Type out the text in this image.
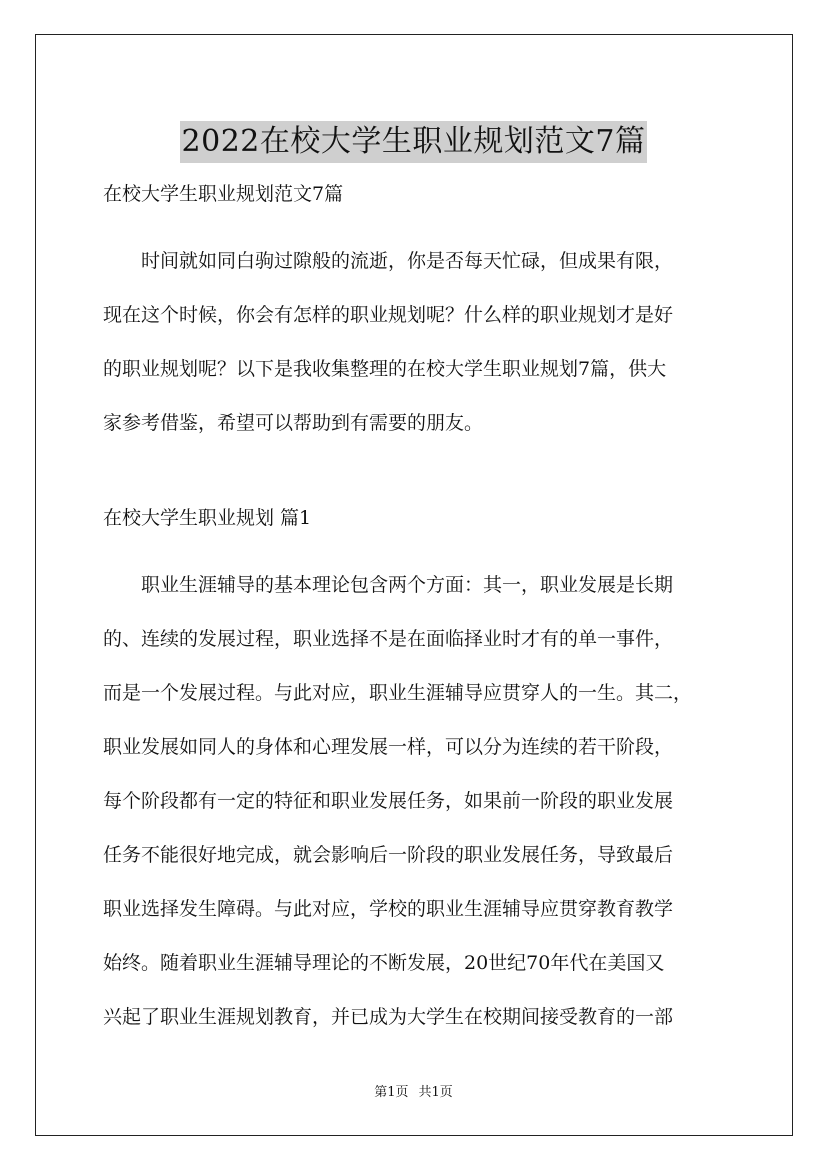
2022在校大学生职业规划范文7篇
在校大学生职业规划范文7篇
时间就如同白驹过隙般的流逝，你是否每天忙碌，但成果有限，
现在这个时候，你会有怎样的职业规划呢？什么样的职业规划才是好
的职业规划呢？以下是我收集整理的在校大学生职业规划7篇，供大
家参考借鉴，希望可以帮助到有需要的朋友。
在校大学生职业规划 篇1
职业生涯辅导的基本理论包含两个方面：其一，职业发展是长期
的、连续的发展过程，职业选择不是在面临择业时才有的单一事件，
而是一个发展过程。与此对应，职业生涯辅导应贯穿人的一生。其二，
职业发展如同人的身体和心理发展一样，可以分为连续的若干阶段，
每个阶段都有一定的特征和职业发展任务，如果前一阶段的职业发展
任务不能很好地完成，就会影响后一阶段的职业发展任务，导致最后
职业选择发生障碍。与此对应，学校的职业生涯辅导应贯穿教育教学
始终。随着职业生涯辅导理论的不断发展，20世纪70年代在美国又
兴起了职业生涯规划教育，并已成为大学生在校期间接受教育的一部
第1页 共1页
